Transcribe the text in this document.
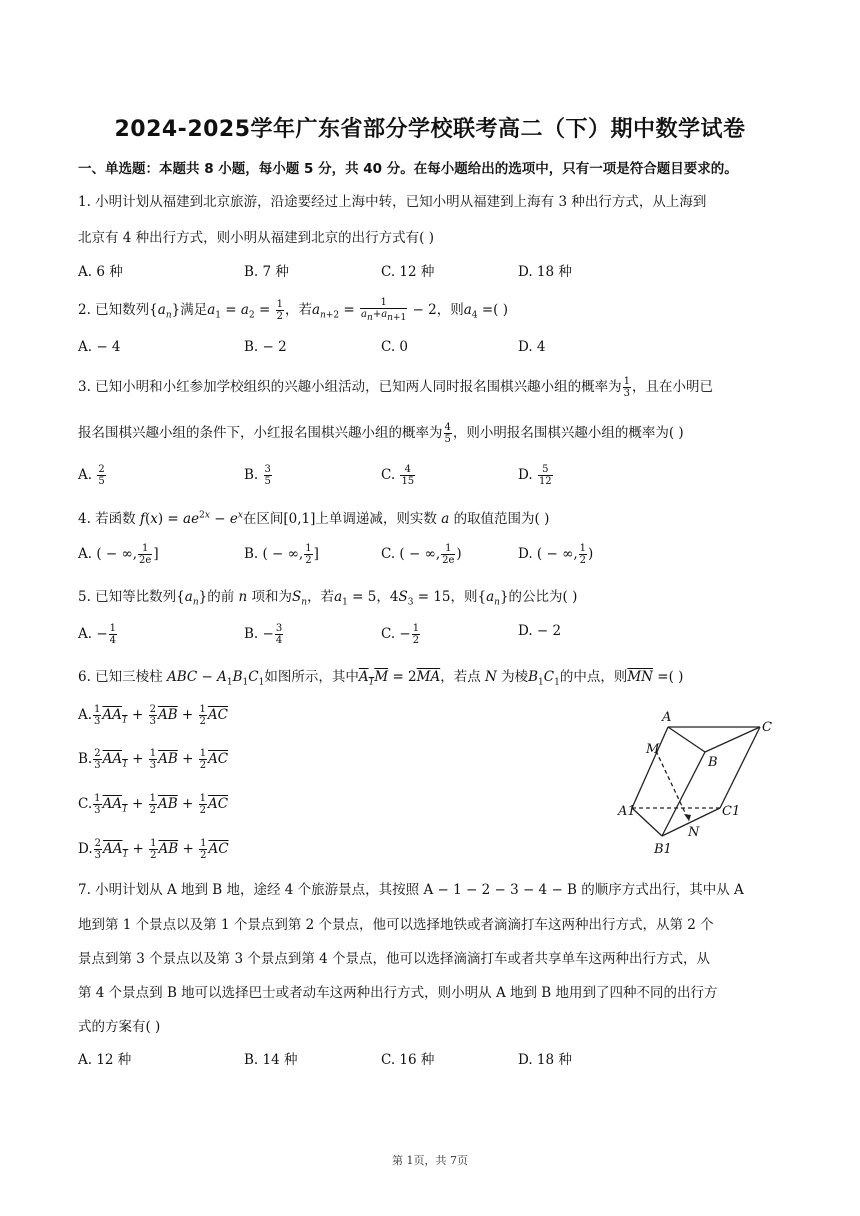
2024-2025学年广东省部分学校联考高二（下）期中数学试卷
一、单选题：本题共 8 小题，每小题 5 分，共 40 分。在每小题给出的选项中，只有一项是符合题目要求的。
1. 小明计划从福建到北京旅游，沿途要经过上海中转，已知小明从福建到上海有 3 种出行方式，从上海到
北京有 4 种出行方式，则小明从福建到北京的出行方式有( )
A. 6 种	B. 7 种	C. 12 种	D. 18 种
2. 已知数列$\{a_n\}$满足$a_1 = a_2 = \frac{1}{2}$ ，若$a_{n+2} = \frac{1}{a_n+a_{n+1}} - 2$，则$a_4$ =( )
A. − 4	B. − 2	C. 0	D. 4
3. 已知小明和小红参加学校组织的兴趣小组活动，已知两人同时报名围棋兴趣小组的概率为 $\frac{1}{3}$ ，且在小明已
报名围棋兴趣小组的条件下，小红报名围棋兴趣小组的概率为 $\frac{4}{5}$ ，则小明报名围棋兴趣小组的概率为( )
A. $\frac{2}{5}$	B. $\frac{3}{5}$	C. $\frac{4}{15}$	D. $\frac{5}{12}$
4. 若函数 $f(x) = ae^{2x} - e^x$在区间[0,1]上单调递减，则实数 a 的取值范围为( )
A. ( − ∞, $\frac{1}{2e}$ ]	B. ( − ∞, $\frac{1}{2}$ ]	C. ( − ∞, $\frac{1}{2e}$ )	D. ( − ∞, $\frac{1}{2}$ )
5. 已知等比数列$\{a_n\}$的前 n 项和为$S_n$，若$a_1 = 5$，$4S_3 = 15$，则$\{a_n\}$的公比为( )
A. − $\frac{1}{4}$	B. − $\frac{3}{4}$	C. − $\frac{1}{2}$	D. − 2
6. 已知三棱柱 ABC − $A_1B_1C_1$如图所示，其中$A_1M = 2\overline{MA}$，若点 N 为棱$B_1C_1$的中点，则$\overline{MN}$ =( )
A. $\frac{1}{3} AA_1 + \frac{2}{3} \overline{AB} + \frac{1}{2} \overline{AC}$
B. $\frac{2}{3} AA_1 + \frac{1}{3} \overline{AB} + \frac{1}{2} \overline{AC}$
C. $\frac{1}{3} AA_1 + \frac{1}{2} \overline{AB} + \frac{1}{2} \overline{AC}$
D. $\frac{2}{3} AA_1 + \frac{1}{2} \overline{AB} + \frac{1}{2} \overline{AC}$
A
C
M
B
A1	C1
N
B1
7. 小明计划从 A 地到 B 地，途经 4 个旅游景点，其按照 A − 1 − 2 − 3 − 4 − B 的顺序方式出行，其中从 A
地到第 1 个景点以及第 1 个景点到第 2 个景点，他可以选择地铁或者滴滴打车这两种出行方式，从第 2 个
景点到第 3 个景点以及第 3 个景点到第 4 个景点，他可以选择滴滴打车或者共享单车这两种出行方式，从
第 4 个景点到 B 地可以选择巴士或者动车这两种出行方式，则小明从 A 地到 B 地用到了四种不同的出行方
式的方案有( )
A. 12 种	B. 14 种	C. 16 种	D. 18 种
第 1页，共 7页
